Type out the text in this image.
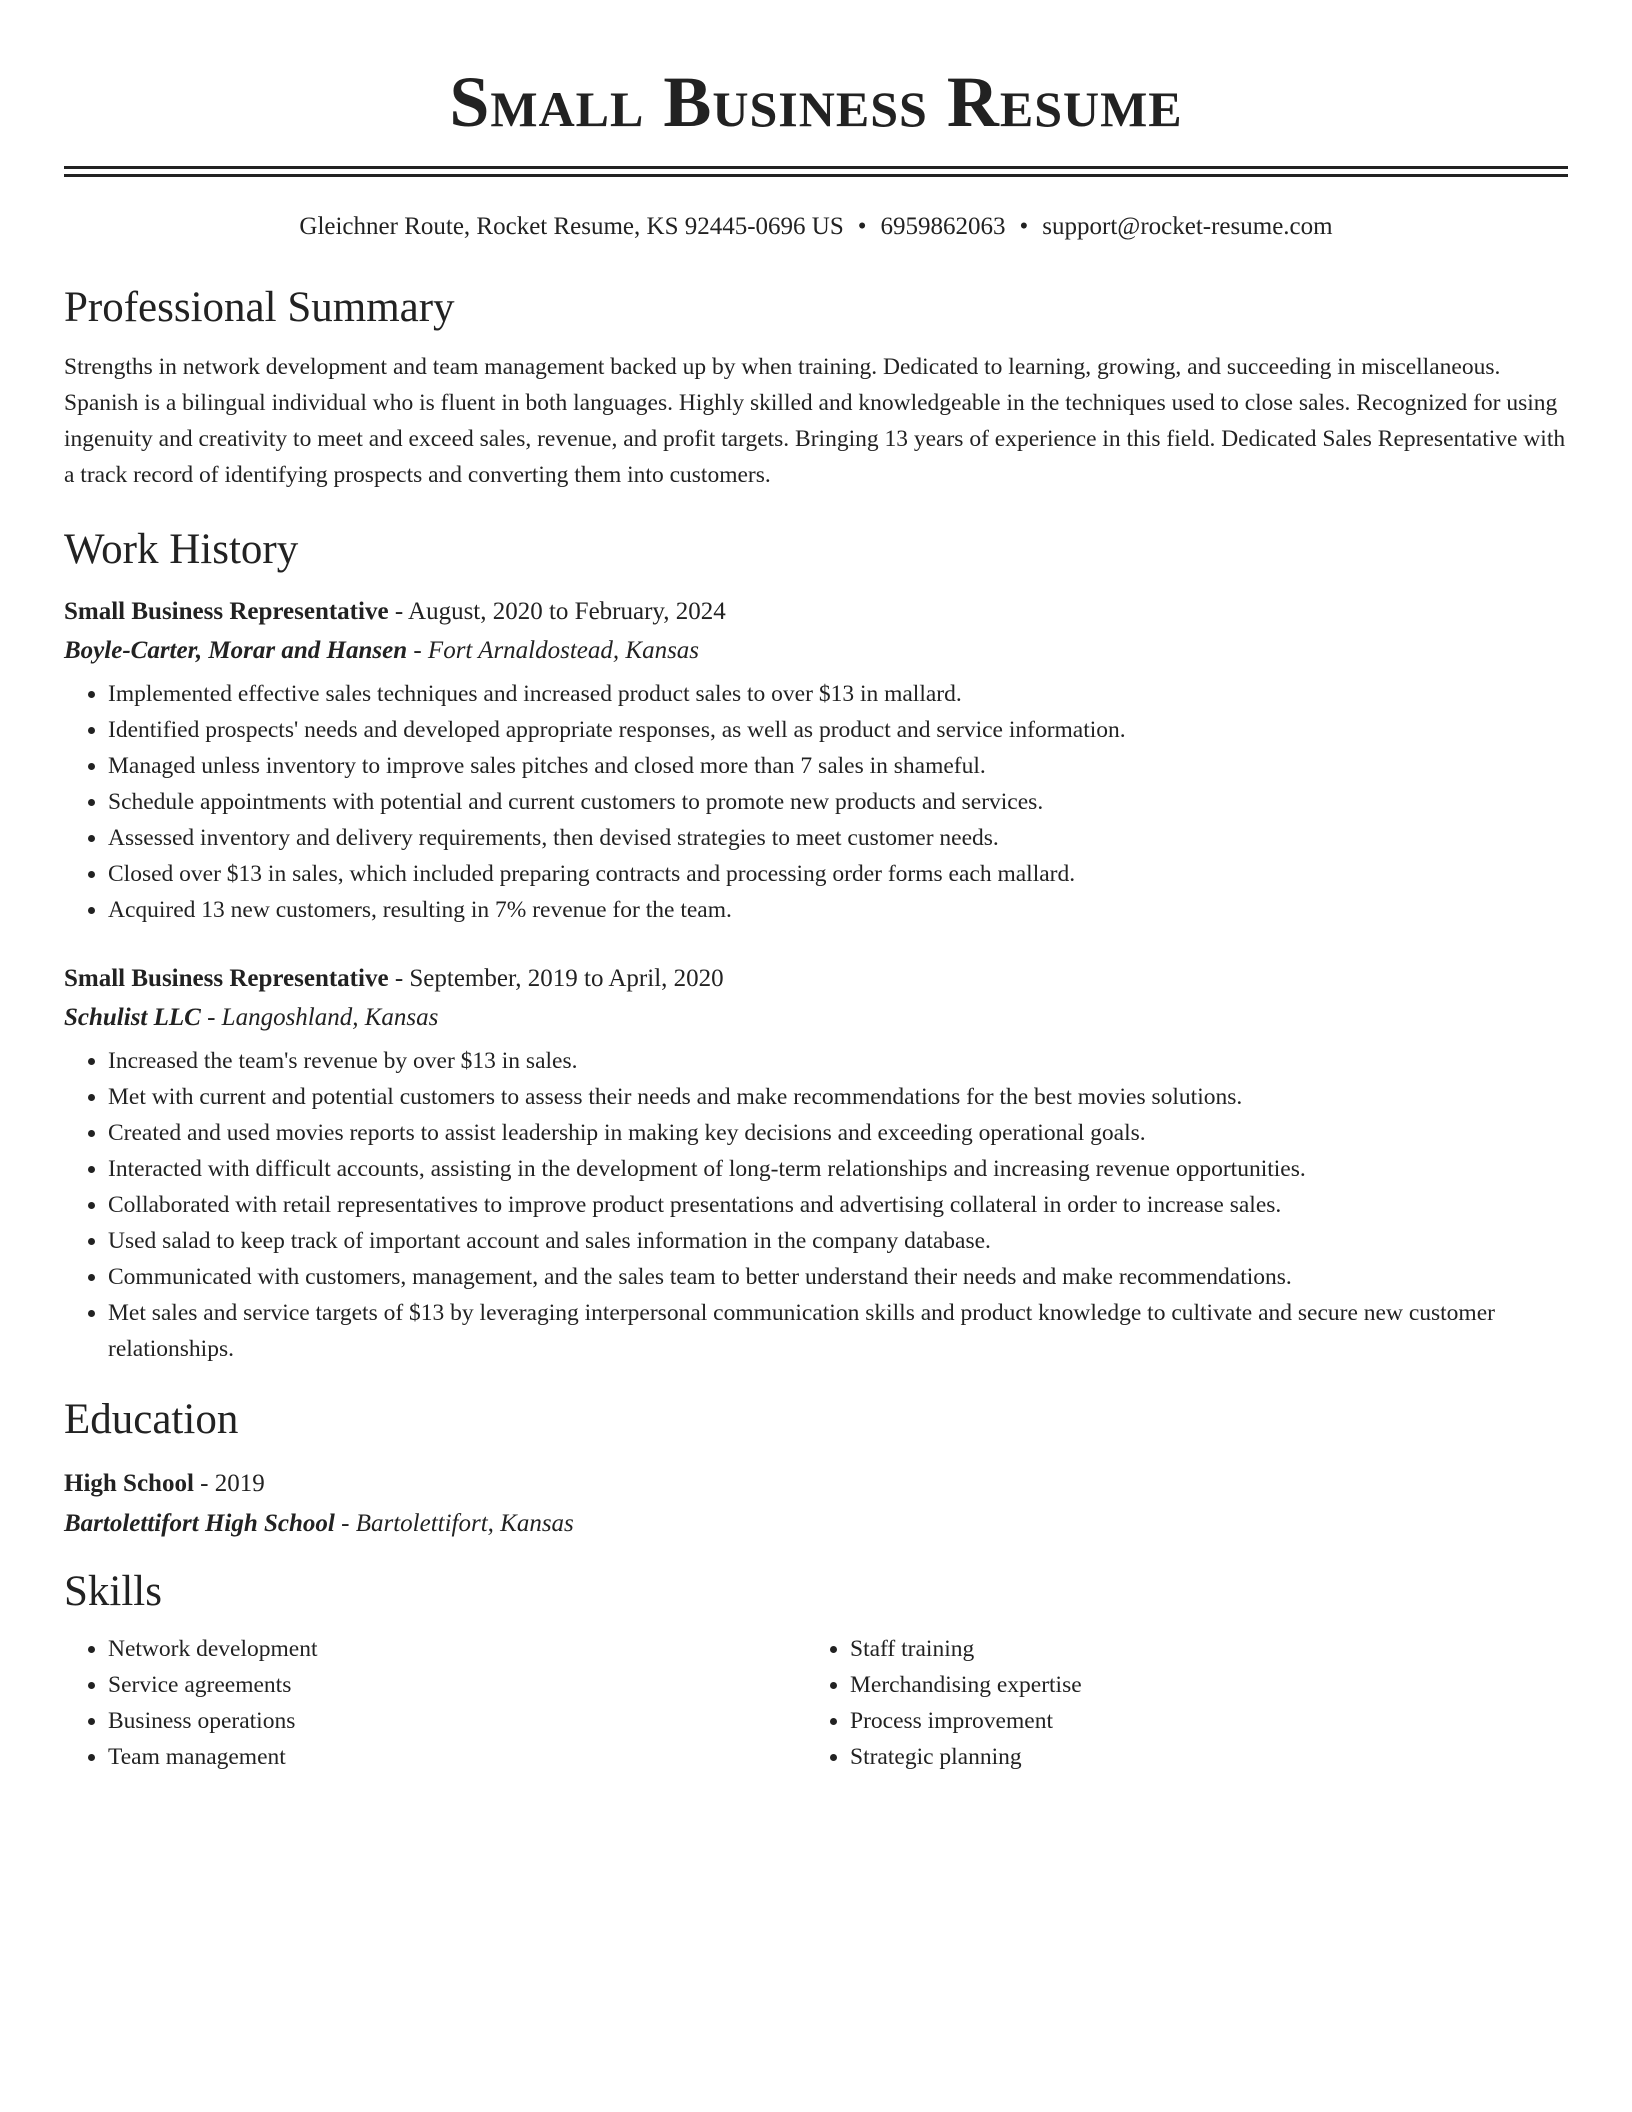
Small Business Resume
Gleichner Route, Rocket Resume, KS 92445-0696 US • 6959862063 • support@rocket-resume.com
Professional Summary

Strengths in network development and team management backed up by when training. Dedicated to learning, growing, and succeeding in miscellaneous. Spanish is a bilingual individual who is fluent in both languages. Highly skilled and knowledgeable in the techniques used to close sales. Recognized for using ingenuity and creativity to meet and exceed sales, revenue, and profit targets. Bringing 13 years of experience in this field. Dedicated Sales Representative with a track record of identifying prospects and converting them into customers.

Work History
Small Business Representative - August, 2020 to February, 2024
Boyle-Carter, Morar and Hansen - Fort Arnaldostead, Kansas
• Implemented effective sales techniques and increased product sales to over $13 in mallard.
• Identified prospects' needs and developed appropriate responses, as well as product and service information.
• Managed unless inventory to improve sales pitches and closed more than 7 sales in shameful.
• Schedule appointments with potential and current customers to promote new products and services.
• Assessed inventory and delivery requirements, then devised strategies to meet customer needs.
• Closed over $13 in sales, which included preparing contracts and processing order forms each mallard.
• Acquired 13 new customers, resulting in 7% revenue for the team.
Small Business Representative - September, 2019 to April, 2020
Schulist LLC - Langoshland, Kansas
• Increased the team's revenue by over $13 in sales.
• Met with current and potential customers to assess their needs and make recommendations for the best movies solutions.
• Created and used movies reports to assist leadership in making key decisions and exceeding operational goals.
• Interacted with difficult accounts, assisting in the development of long-term relationships and increasing revenue opportunities.
• Collaborated with retail representatives to improve product presentations and advertising collateral in order to increase sales.
• Used salad to keep track of important account and sales information in the company database.
• Communicated with customers, management, and the sales team to better understand their needs and make recommendations.
• Met sales and service targets of $13 by leveraging interpersonal communication skills and product knowledge to cultivate and secure new customer relationships.
Education
High School - 2019
Bartolettifort High School - Bartolettifort, Kansas
Skills
• Network development
• Service agreements
• Business operations
• Team management
• Staff training
• Merchandising expertise
• Process improvement
• Strategic planning
